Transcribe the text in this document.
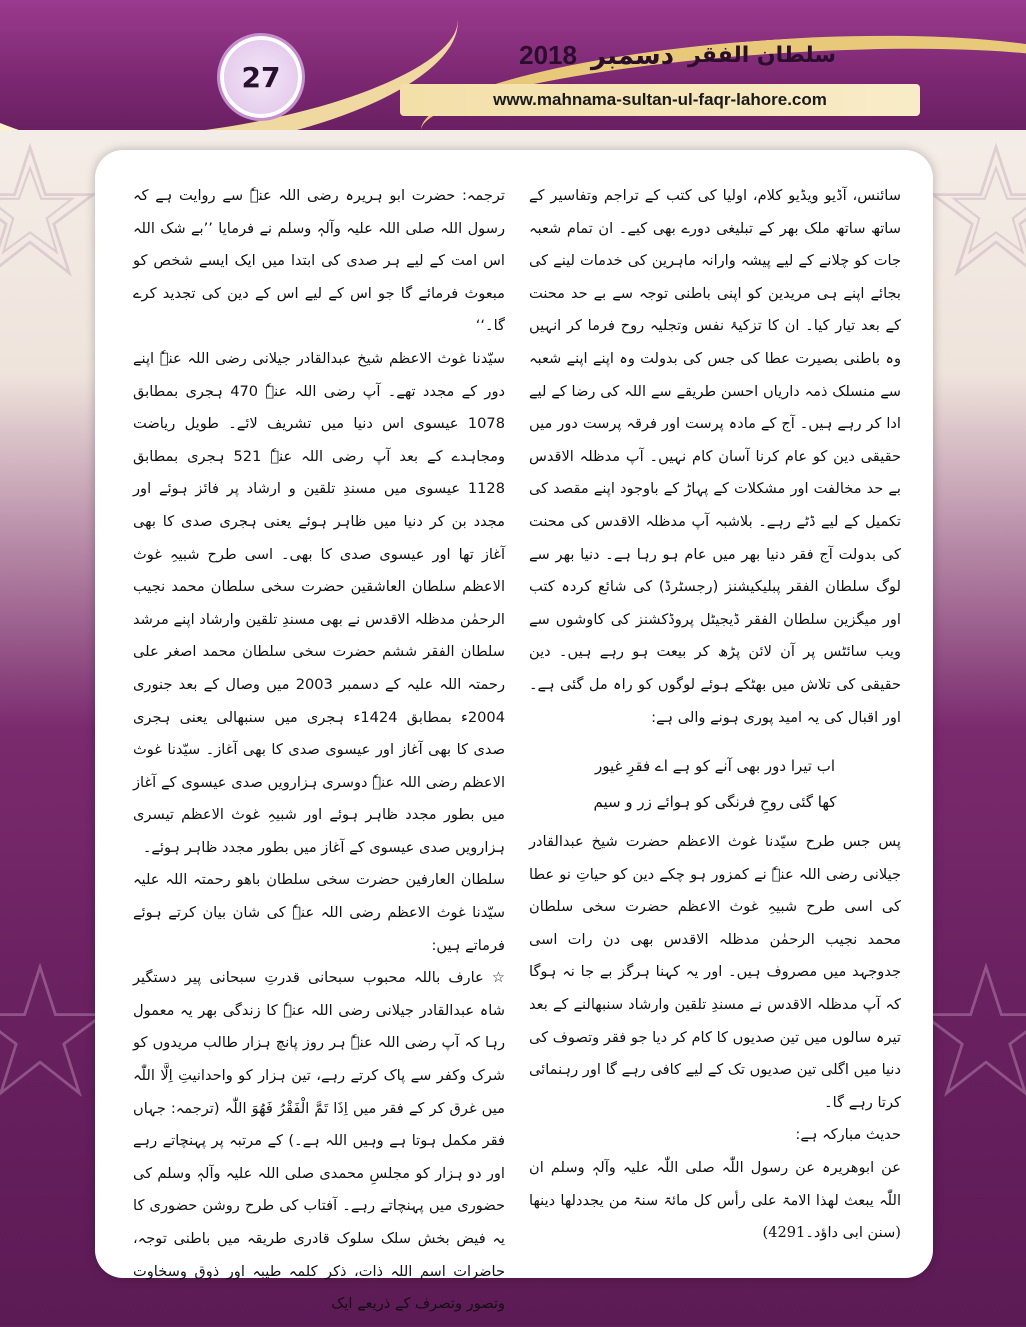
27
سلطان الفقر
دسمبر
2018
www.mahnama-sultan-ul-faqr-lahore.com

سائنس، آڈیو ویڈیو کلام، اولیا کی کتب کے تراجم وتفاسیر کے ساتھ ساتھ ملک بھر کے تبلیغی دورے بھی کیے۔ ان تمام شعبہ جات کو چلانے کے لیے پیشہ وارانہ ماہرین کی خدمات لینے کی بجائے اپنے ہی مریدین کو اپنی باطنی توجہ سے بے حد محنت کے بعد تیار کیا۔ ان کا تزکیۂ نفس وتجلیہ روح فرما کر انہیں وہ باطنی بصیرت عطا کی جس کی بدولت وہ اپنے اپنے شعبہ سے منسلک ذمہ داریاں احسن طریقے سے اللہ کی رضا کے لیے ادا کر رہے ہیں۔ آج کے مادہ پرست اور فرقہ پرست دور میں حقیقی دین کو عام کرنا آسان کام نہیں۔ آپ مدظلہ الاقدس بے حد مخالفت اور مشکلات کے پہاڑ کے باوجود اپنے مقصد کی تکمیل کے لیے ڈٹے رہے۔ بلاشبہ آپ مدظلہ الاقدس کی محنت کی بدولت آج فقر دنیا بھر میں عام ہو رہا ہے۔ دنیا بھر سے لوگ سلطان الفقر پبلیکیشنز (رجسٹرڈ) کی شائع کردہ کتب اور میگزین سلطان الفقر ڈیجیٹل پروڈکشنز کی کاوشوں سے ویب سائٹس پر آن لائن پڑھ کر بیعت ہو رہے ہیں۔ دین حقیقی کی تلاش میں بھٹکے ہوئے لوگوں کو راہ مل گئی ہے۔ اور اقبال کی یہ امید پوری ہونے والی ہے:

اب تیرا دور بھی آنے کو ہے اے فقرِ غیور
کھا گئی روحِ فرنگی کو ہوائے زر و سیم

پس جس طرح سیّدنا غوث الاعظم حضرت شیخ عبدالقادر جیلانی رضی اللہ عنہٗ نے کمزور ہو چکے دین کو حیاتِ نو عطا کی اسی طرح شبیہِ غوث الاعظم حضرت سخی سلطان محمد نجیب الرحمٰن مدظلہ الاقدس بھی دن رات اسی جدوجہد میں مصروف ہیں۔ اور یہ کہنا ہرگز بے جا نہ ہوگا کہ آپ مدظلہ الاقدس نے مسندِ تلقین وارشاد سنبھالنے کے بعد تیرہ سالوں میں تین صدیوں کا کام کر دیا جو فقر وتصوف کی دنیا میں اگلی تین صدیوں تک کے لیے کافی رہے گا اور رہنمائی کرتا رہے گا۔

حدیث مبارکہ ہے:

عن ابوھریرہ عن رسول اللّٰہ صلی اللّٰہ علیہ وآلہٖ وسلم ان اللّٰہ یبعث لھذا الامۃ علی رأس کل مائۃ سنۃ من یجددلھا دینھا (سنن ابی داؤد۔4291)

ترجمہ: حضرت ابو ہریرہ رضی اللہ عنہٗ سے روایت ہے کہ رسول اللہ صلی اللہ علیہ وآلہٖ وسلم نے فرمایا ’’بے شک اللہ اس امت کے لیے ہر صدی کی ابتدا میں ایک ایسے شخص کو مبعوث فرمائے گا جو اس کے لیے اس کے دین کی تجدید کرے گا۔‘‘

سیّدنا غوث الاعظم شیخ عبدالقادر جیلانی رضی اللہ عنہٗ اپنے دور کے مجدد تھے۔ آپ رضی اللہ عنہٗ 470 ہجری بمطابق 1078 عیسوی اس دنیا میں تشریف لائے۔ طویل ریاضت ومجاہدے کے بعد آپ رضی اللہ عنہٗ 521 ہجری بمطابق 1128 عیسوی میں مسندِ تلقین و ارشاد پر فائز ہوئے اور مجدد بن کر دنیا میں ظاہر ہوئے یعنی ہجری صدی کا بھی آغاز تھا اور عیسوی صدی کا بھی۔ اسی طرح شبیہِ غوث الاعظم سلطان العاشقین حضرت سخی سلطان محمد نجیب الرحمٰن مدظلہ الاقدس نے بھی مسندِ تلقین وارشاد اپنے مرشد سلطان الفقر ششم حضرت سخی سلطان محمد اصغر علی رحمتہ اللہ علیہ کے دسمبر 2003 میں وصال کے بعد جنوری 2004ء بمطابق 1424ء ہجری میں سنبھالی یعنی ہجری صدی کا بھی آغاز اور عیسوی صدی کا بھی آغاز۔ سیّدنا غوث الاعظم رضی اللہ عنہٗ دوسری ہزارویں صدی عیسوی کے آغاز میں بطور مجدد ظاہر ہوئے اور شبیہِ غوث الاعظم تیسری ہزارویں صدی عیسوی کے آغاز میں بطور مجدد ظاہر ہوئے۔

سلطان العارفین حضرت سخی سلطان باھو رحمتہ اللہ علیہ سیّدنا غوث الاعظم رضی اللہ عنہٗ کی شان بیان کرتے ہوئے فرماتے ہیں:

☆ عارف باللہ محبوب سبحانی قدرتِ سبحانی پیر دستگیر شاہ عبدالقادر جیلانی رضی اللہ عنہٗ کا زندگی بھر یہ معمول رہا کہ آپ رضی اللہ عنہٗ ہر روز پانچ ہزار طالب مریدوں کو شرک وکفر سے پاک کرتے رہے، تین ہزار کو واحدانیتِ اِلَّا اللّٰہ میں غرق کر کے فقر میں اِذَا تَمَّ الْفَقْرُ فَھُوَ اللّٰہ (ترجمہ: جہاں فقر مکمل ہوتا ہے وہیں اللہ ہے۔) کے مرتبہ پر پہنچاتے رہے اور دو ہزار کو مجلسِ محمدی صلی اللہ علیہ وآلہٖ وسلم کی حضوری میں پہنچاتے رہے۔ آفتاب کی طرح روشن حضوری کا یہ فیض بخش سلک سلوک قادری طریقہ میں باطنی توجہ، حاضرات اسم اللہ ذات، ذکر کلمہ طیبہ اور ذوق وسخاوت وتصور وتصرف کے ذریعے ایک
